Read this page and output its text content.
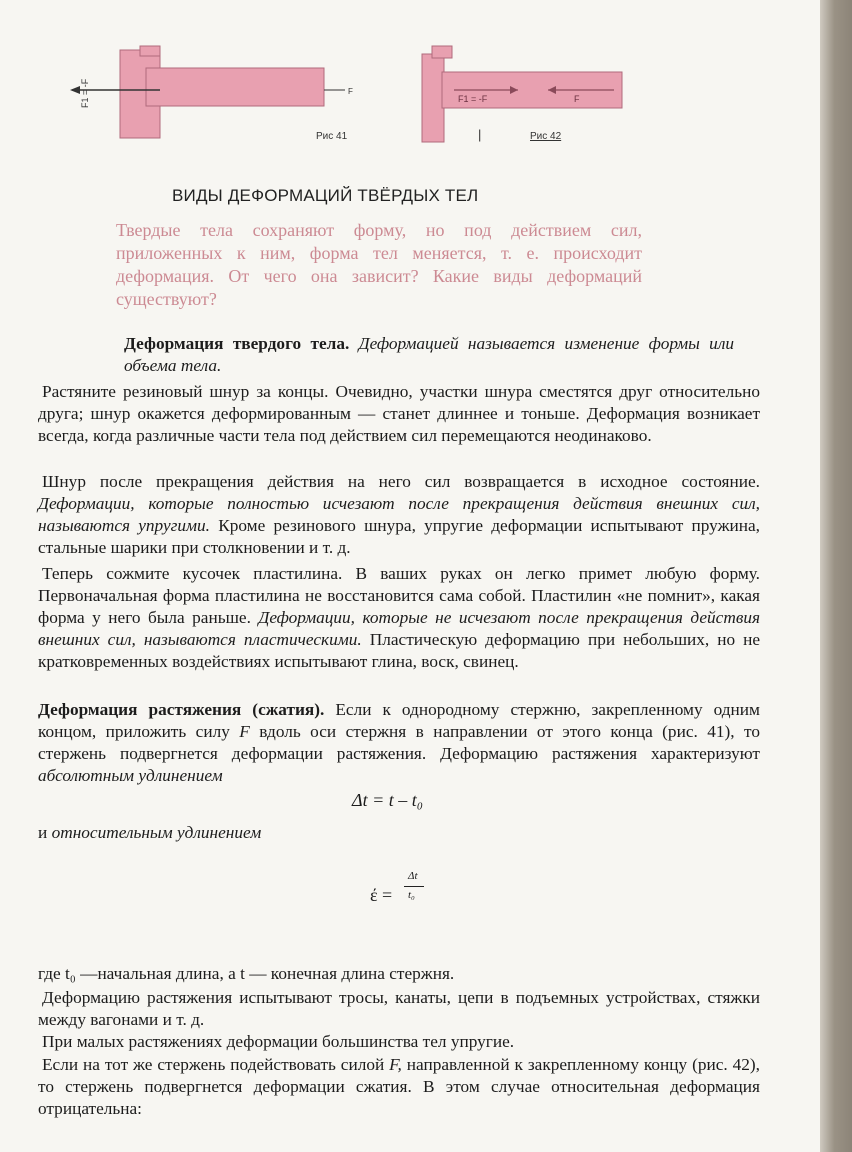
F1 = -F	F
Рис 41	|
F1 = -F	F
Рис 42
ВИДЫ ДЕФОРМАЦИЙ ТВЁРДЫХ ТЕЛ
Твердые тела сохраняют форму, но под действием сил, приложенных к ним, форма тел меняется, т. е. происходит деформация. От чего она зависит? Какие виды деформаций существуют?
Деформация твердого тела. Деформацией называется изменение формы или объема тела.
Растяните резиновый шнур за концы. Очевидно, участки шнура сместятся друг относительно друга; шнур окажется деформированным — станет длиннее и тоньше. Деформация возникает всегда, когда различные части тела под действием сил перемещаются неодинаково.
Шнур после прекращения действия на него сил возвращается в исходное состояние. Деформации, которые полностью исчезают после прекращения действия внешних сил, называются упругими. Кроме резинового шнура, упругие деформации испытывают пружина, стальные шарики при столкновении и т. д.
Теперь сожмите кусочек пластилина. В ваших руках он легко примет любую форму. Первоначальная форма пластилина не восстановится сама собой. Пластилин «не помнит», какая форма у него была раньше. Деформации, которые не исчезают после прекращения действия внешних сил, называются пластическими. Пластическую деформацию при небольших, но не кратковременных воздействиях испытывают глина, воск, свинец.
Деформация растяжения (сжатия). Если к однородному стержню, закрепленному одним концом, приложить силу F вдоль оси стержня в направлении от этого конца (рис. 41), то стержень подвергнется деформации растяжения. Деформацию растяжения характеризуют абсолютным удлинением
Δt = t – t₀
и относительным удлинением
έ =
Δt
t₀
где t₀ —начальная длина, а t — конечная длина стержня.
Деформацию растяжения испытывают тросы, канаты, цепи в подъемных устройствах, стяжки между вагонами и т. д.
При малых растяжениях деформации большинства тел упругие.
Если на тот же стержень подействовать силой F, направленной к закрепленному концу (рис. 42), то стержень подвергнется деформации сжатия. В этом случае относительная деформация отрицательна:
